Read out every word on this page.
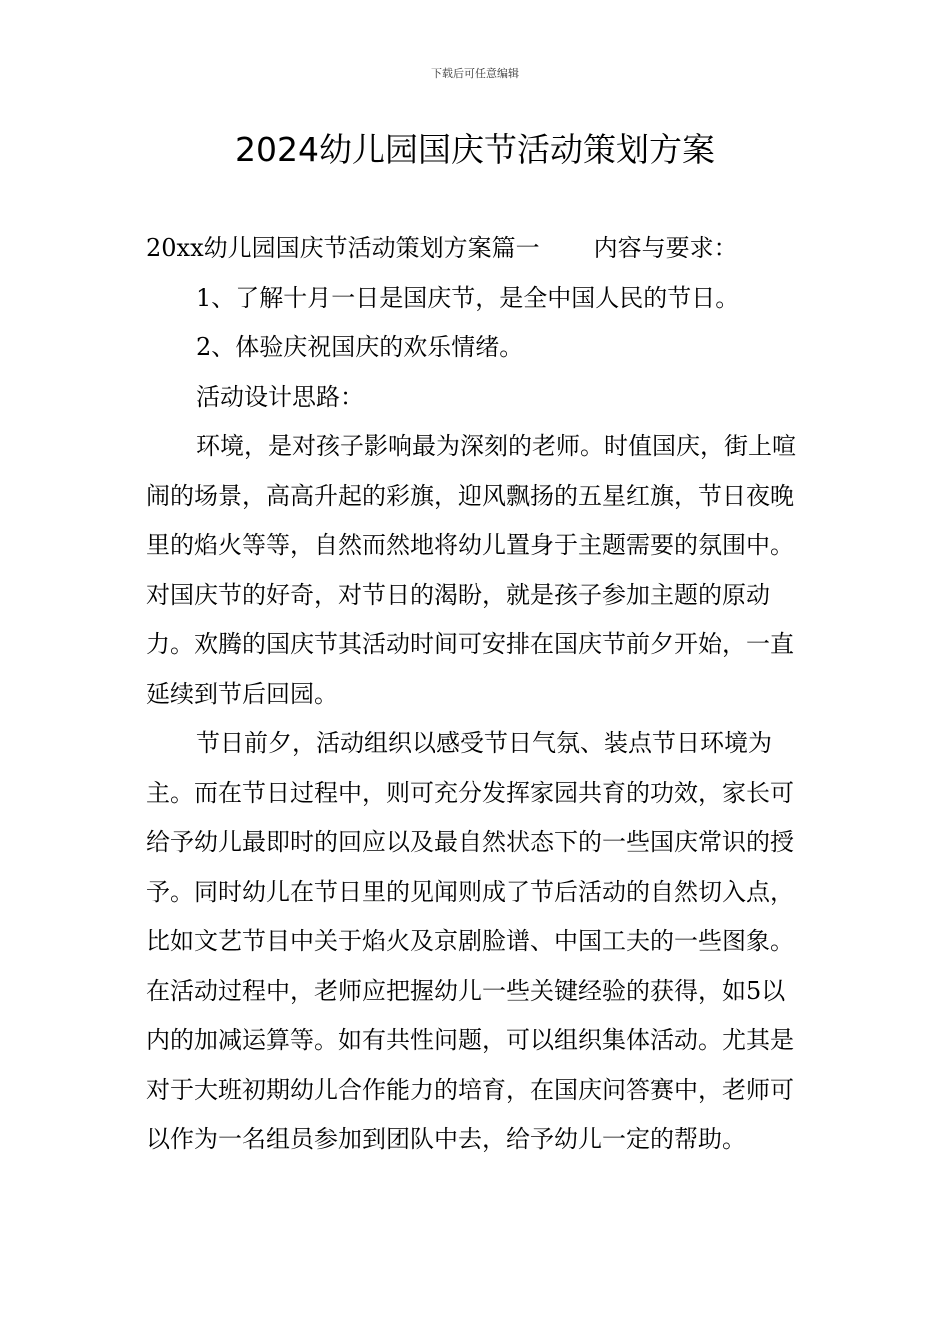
下载后可任意编辑
2024幼儿园国庆节活动策划方案

20xx幼儿园国庆节活动策划方案篇一 内容与要求：

1、了解十月一日是国庆节，是全中国人民的节日。

2、体验庆祝国庆的欢乐情绪。

活动设计思路：

环境，是对孩子影响最为深刻的老师。时值国庆，街上喧闹的场景，高高升起的彩旗，迎风飘扬的五星红旗，节日夜晚里的焰火等等，自然而然地将幼儿置身于主题需要的氛围中。对国庆节的好奇，对节日的渴盼，就是孩子参加主题的原动力。欢腾的国庆节其活动时间可安排在国庆节前夕开始，一直延续到节后回园。

节日前夕，活动组织以感受节日气氛、装点节日环境为主。而在节日过程中，则可充分发挥家园共育的功效，家长可给予幼儿最即时的回应以及最自然状态下的一些国庆常识的授予。同时幼儿在节日里的见闻则成了节后活动的自然切入点，比如文艺节目中关于焰火及京剧脸谱、中国工夫的一些图象。在活动过程中，老师应把握幼儿一些关键经验的获得，如5以内的加减运算等。如有共性问题，可以组织集体活动。尤其是对于大班初期幼儿合作能力的培育，在国庆问答赛中，老师可以作为一名组员参加到团队中去，给予幼儿一定的帮助。
